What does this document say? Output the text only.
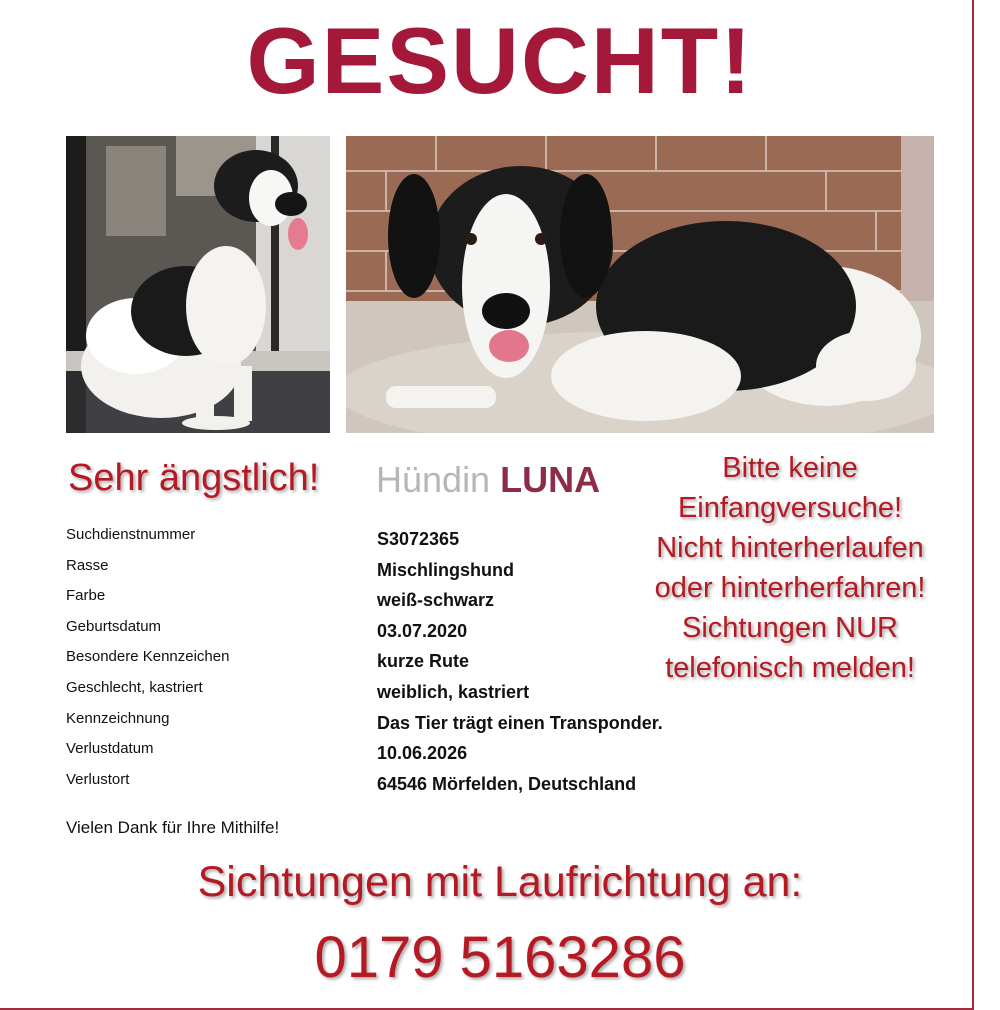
GESUCHT!
Sehr ängstlich! Hündin LUNA	Bitte keine
Einfangversuche!
Nicht hinterherlaufen
oder hinterherfahren!
Sichtungen NUR
telefonisch melden!
Suchdienstnummer	S3072365
Rasse	Mischlingshund
Farbe	weiß-schwarz
Geburtsdatum	03.07.2020
Besondere Kennzeichen	kurze Rute
Geschlecht, kastriert	weiblich, kastriert
Kennzeichnung	Das Tier trägt einen Transponder.
Verlustdatum	10.06.2026
Verlustort	64546 Mörfelden, Deutschland
Vielen Dank für Ihre Mithilfe!
Sichtungen mit Laufrichtung an:
0179 5163286
